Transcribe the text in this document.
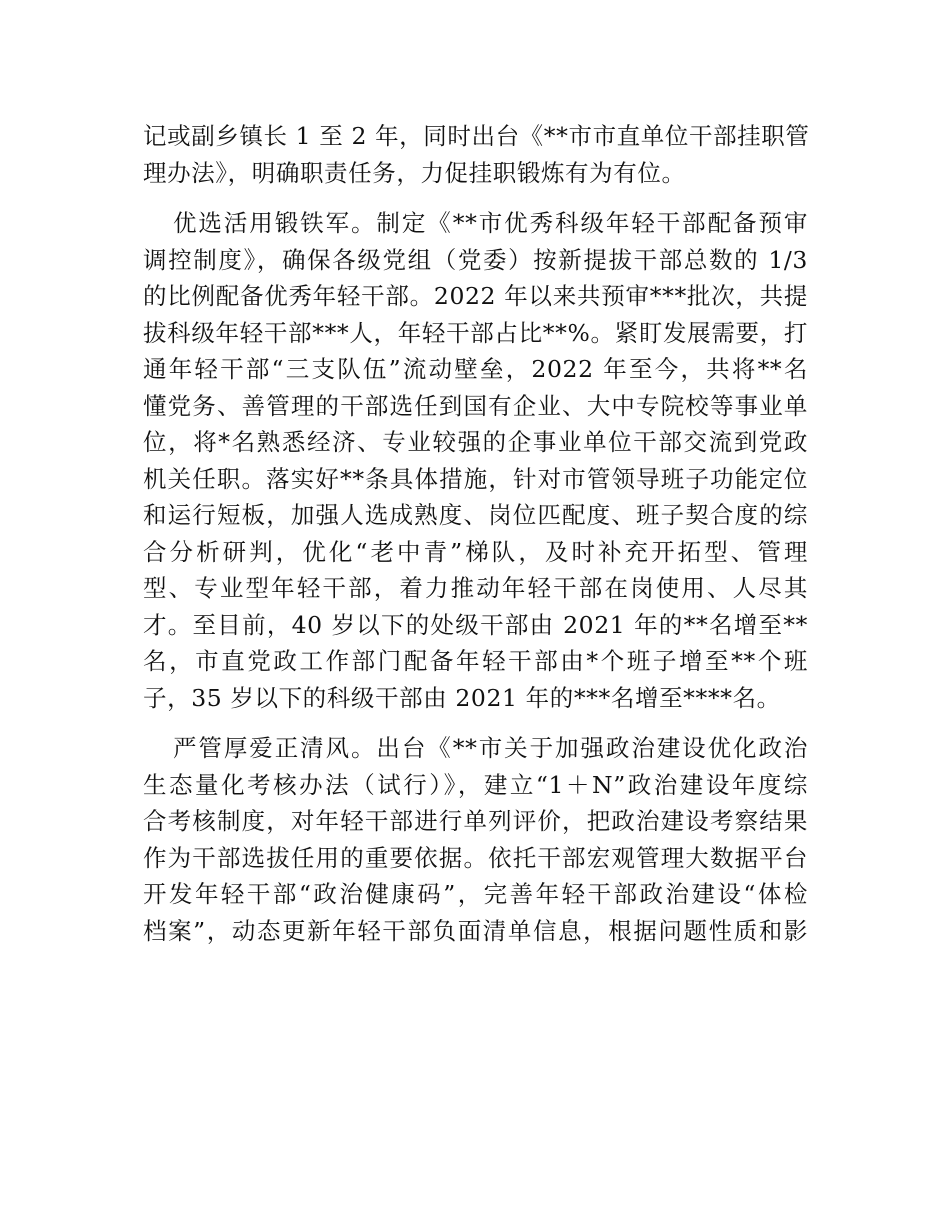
记或副乡镇长 1 至 2 年，同时出台《**市市直单位干部挂职管
理办法》，明确职责任务，力促挂职锻炼有为有位。
优选活用锻铁军。制定《**市优秀科级年轻干部配备预审
调控制度》，确保各级党组（党委）按新提拔干部总数的 1/3
的比例配备优秀年轻干部。2022 年以来共预审***批次，共提
拔科级年轻干部***人，年轻干部占比**%。紧盯发展需要，打
通年轻干部“三支队伍”流动壁垒，2022 年至今，共将**名
懂党务、善管理的干部选任到国有企业、大中专院校等事业单
位，将*名熟悉经济、专业较强的企事业单位干部交流到党政
机关任职。落实好**条具体措施，针对市管领导班子功能定位
和运行短板，加强人选成熟度、岗位匹配度、班子契合度的综
合分析研判，优化“老中青”梯队，及时补充开拓型、管理
型、专业型年轻干部，着力推动年轻干部在岗使用、人尽其
才。至目前，40 岁以下的处级干部由 2021 年的**名增至**
名，市直党政工作部门配备年轻干部由*个班子增至**个班
子，35 岁以下的科级干部由 2021 年的***名增至****名。
严管厚爱正清风。出台《**市关于加强政治建设优化政治
生态量化考核办法（试行）》，建立“1＋N”政治建设年度综
合考核制度，对年轻干部进行单列评价，把政治建设考察结果
作为干部选拔任用的重要依据。依托干部宏观管理大数据平台
开发年轻干部“政治健康码”，完善年轻干部政治建设“体检
档案”，动态更新年轻干部负面清单信息，根据问题性质和影
